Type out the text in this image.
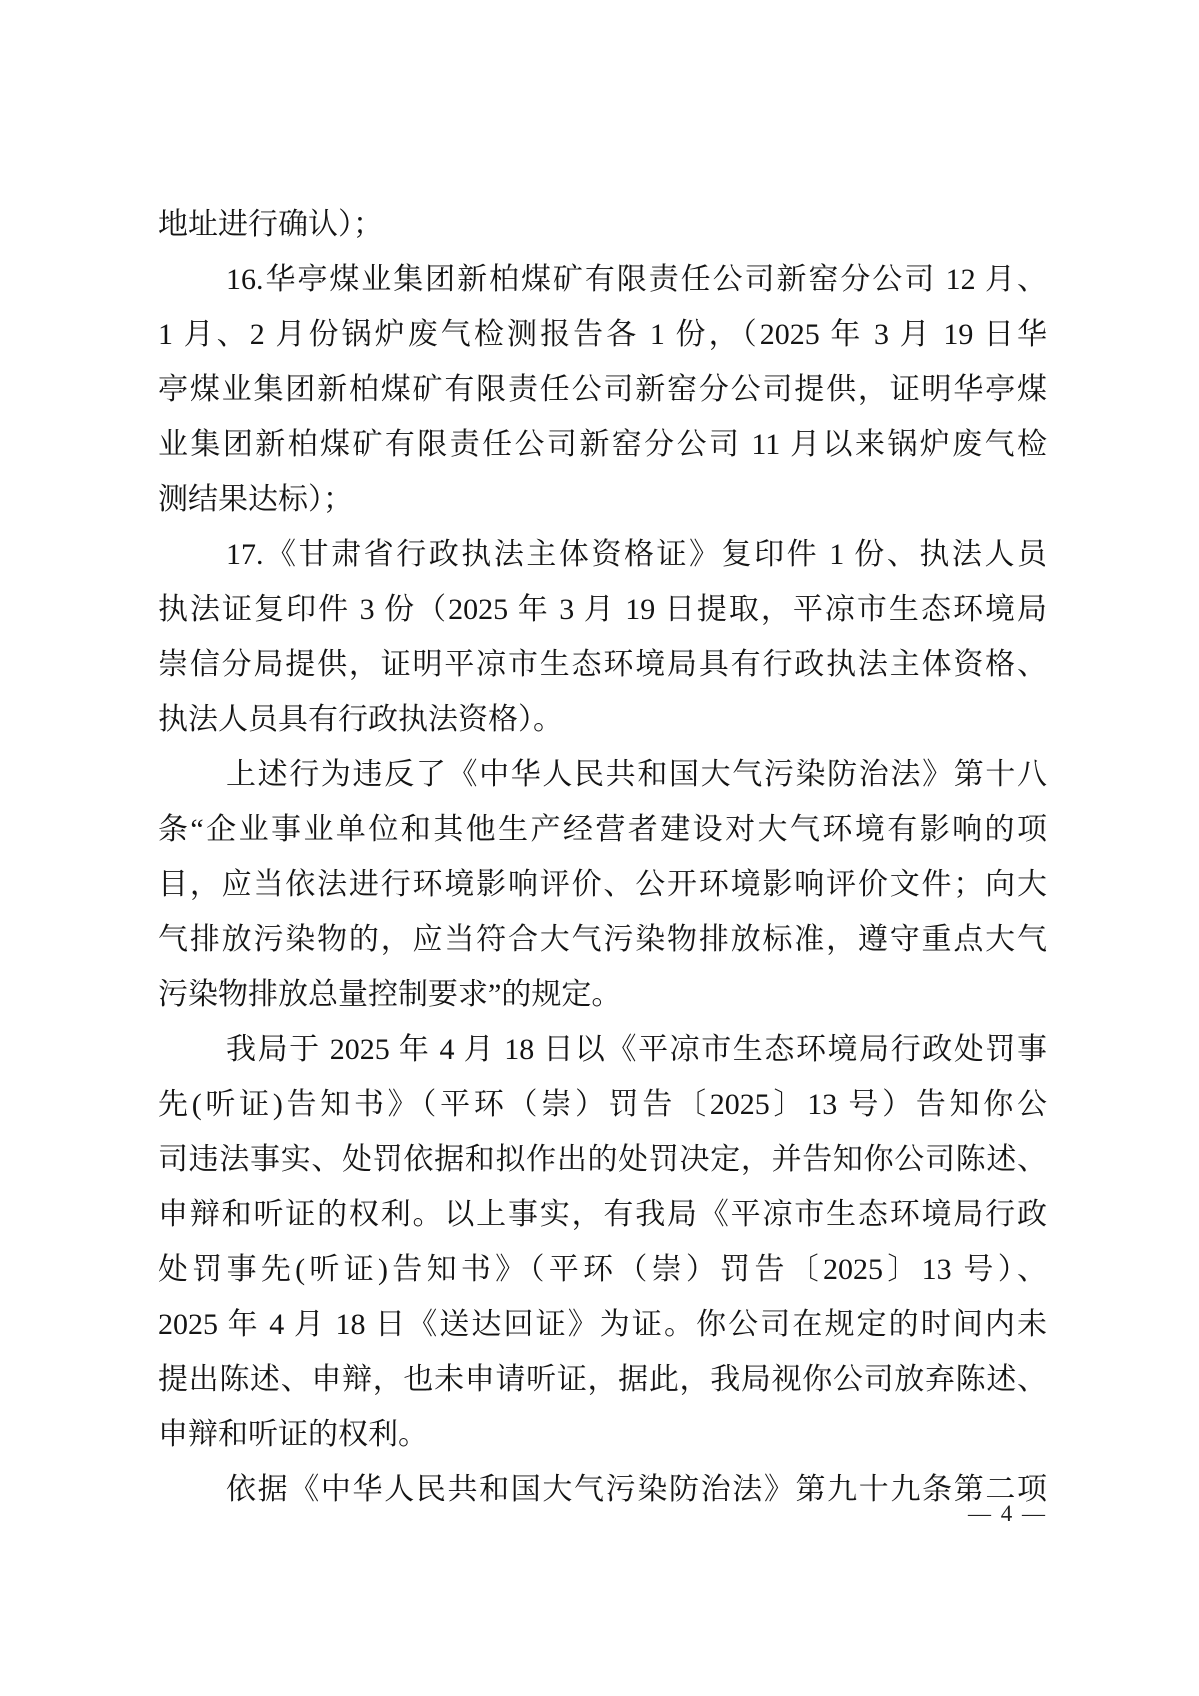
地址进行确认）；
16.华亭煤业集团新柏煤矿有限责任公司新窑分公司 12 月、
1 月、2 月份锅炉废气检测报告各 1 份，（2025 年 3 月 19 日华
亭煤业集团新柏煤矿有限责任公司新窑分公司提供，证明华亭煤
业集团新柏煤矿有限责任公司新窑分公司 11 月以来锅炉废气检
测结果达标）；
17.《甘肃省行政执法主体资格证》复印件 1 份、执法人员
执法证复印件 3 份（2025 年 3 月 19 日提取，平凉市生态环境局
崇信分局提供，证明平凉市生态环境局具有行政执法主体资格、
执法人员具有行政执法资格）。
上述行为违反了《中华人民共和国大气污染防治法》第十八
条“企业事业单位和其他生产经营者建设对大气环境有影响的项
目，应当依法进行环境影响评价、公开环境影响评价文件；向大
气排放污染物的，应当符合大气污染物排放标准，遵守重点大气
污染物排放总量控制要求”的规定。
我局于 2025 年 4 月 18 日以《平凉市生态环境局行政处罚事
先(听证)告知书》（平环（崇）罚告〔2025〕13 号）告知你公
司违法事实、处罚依据和拟作出的处罚决定，并告知你公司陈述、
申辩和听证的权利。以上事实，有我局《平凉市生态环境局行政
处罚事先(听证)告知书》（平环（崇）罚告〔2025〕13 号）、
2025 年 4 月 18 日《送达回证》为证。你公司在规定的时间内未
提出陈述、申辩，也未申请听证，据此，我局视你公司放弃陈述、
申辩和听证的权利。
依据《中华人民共和国大气污染防治法》第九十九条第二项
— 4 —
